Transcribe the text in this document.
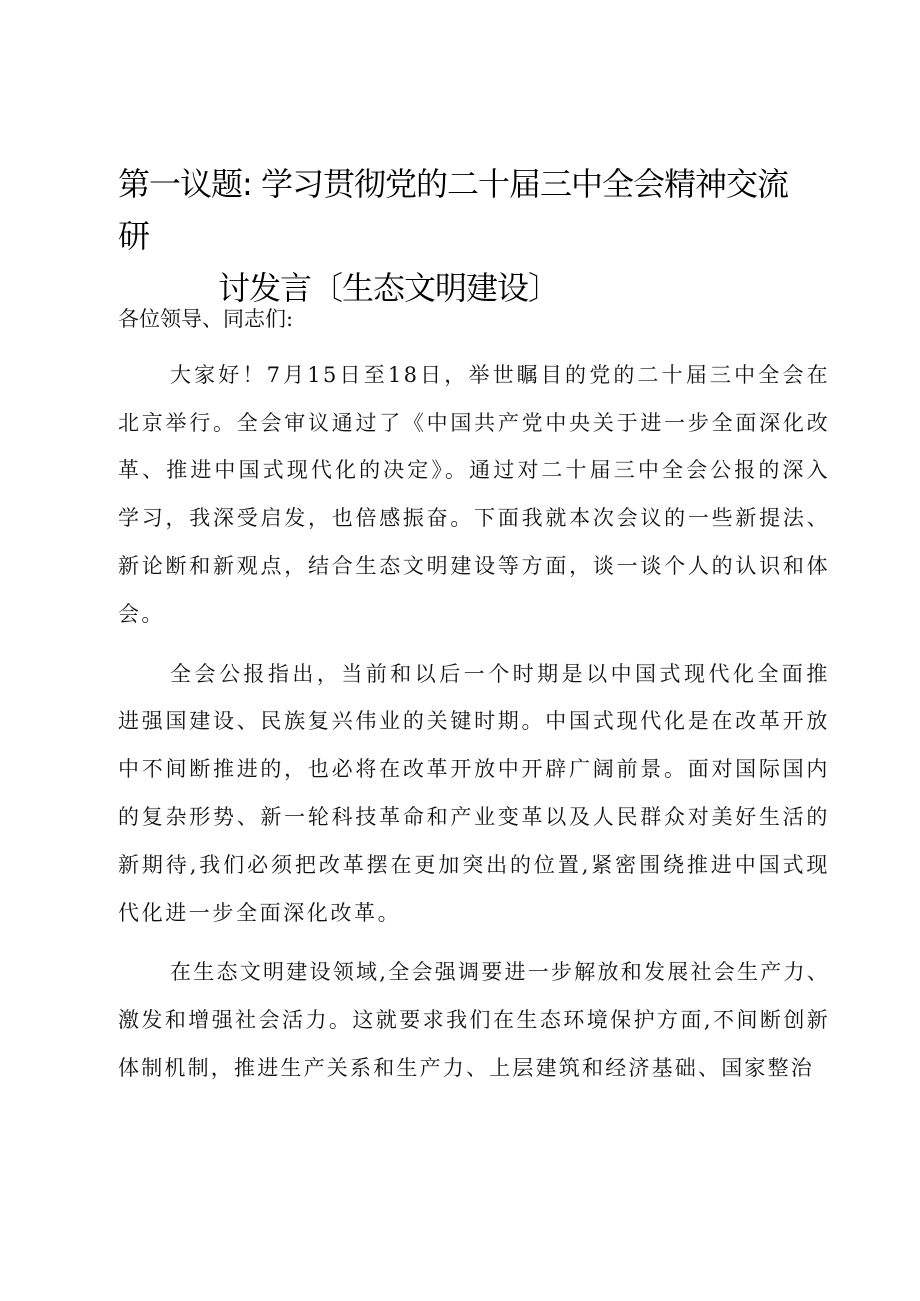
第一议题: 学习贯彻党的二十届三中全会精神交流研
讨发言〔生态文明建设〕

各位领导、同志们:

大家好！7月15日至18日，举世瞩目的党的二十届三中全会在北京举行。全会审议通过了《中国共产党中央关于进一步全面深化改革、推进中国式现代化的决定》。通过对二十届三中全会公报的深入学习，我深受启发，也倍感振奋。下面我就本次会议的一些新提法、新论断和新观点，结合生态文明建设等方面，谈一谈个人的认识和体会。

全会公报指出，当前和以后一个时期是以中国式现代化全面推进强国建设、民族复兴伟业的关键时期。中国式现代化是在改革开放中不间断推进的，也必将在改革开放中开辟广阔前景。面对国际国内的复杂形势、新一轮科技革命和产业变革以及人民群众对美好生活的新期待,我们必须把改革摆在更加突出的位置,紧密围绕推进中国式现代化进一步全面深化改革。

在生态文明建设领域,全会强调要进一步解放和发展社会生产力、激发和增强社会活力。这就要求我们在生态环境保护方面,不间断创新体制机制，推进生产关系和生产力、上层建筑和经济基础、国家整治
